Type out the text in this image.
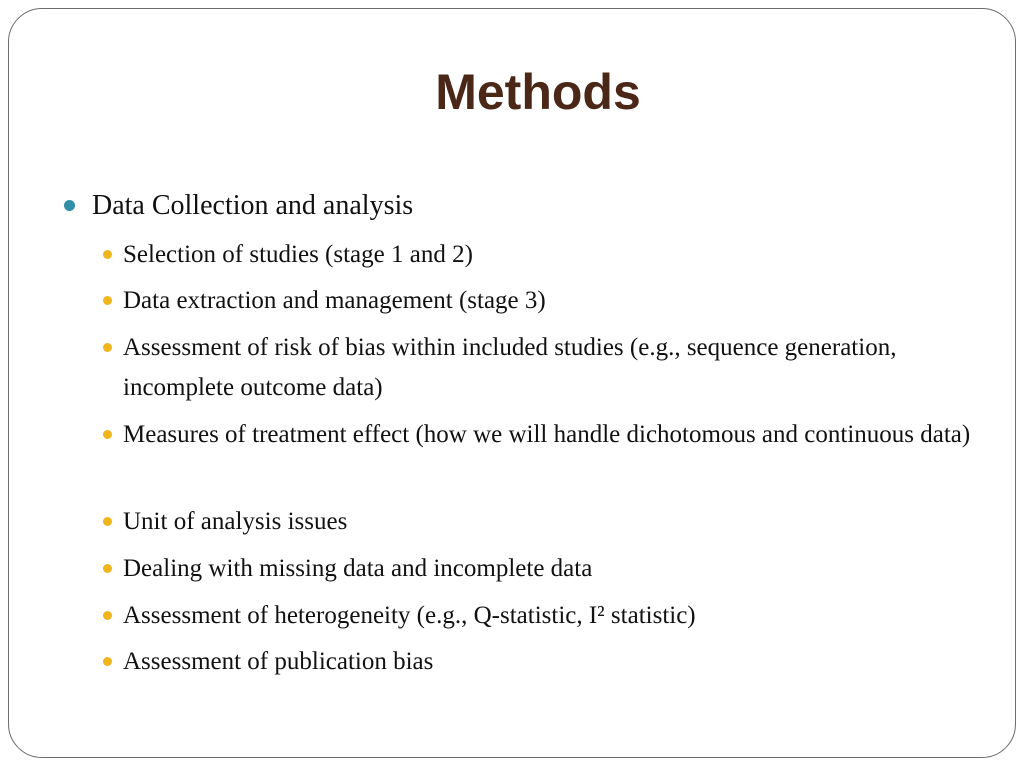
Methods
Data Collection and analysis
Selection of studies (stage 1 and 2)
Data extraction and management (stage 3)
Assessment of risk of bias within included studies (e.g., sequence generation, incomplete outcome data)
Measures of treatment effect (how we will handle dichotomous and continuous data)
Unit of analysis issues
Dealing with missing data and incomplete data
Assessment of heterogeneity (e.g., Q-statistic, I² statistic)
Assessment of publication bias
